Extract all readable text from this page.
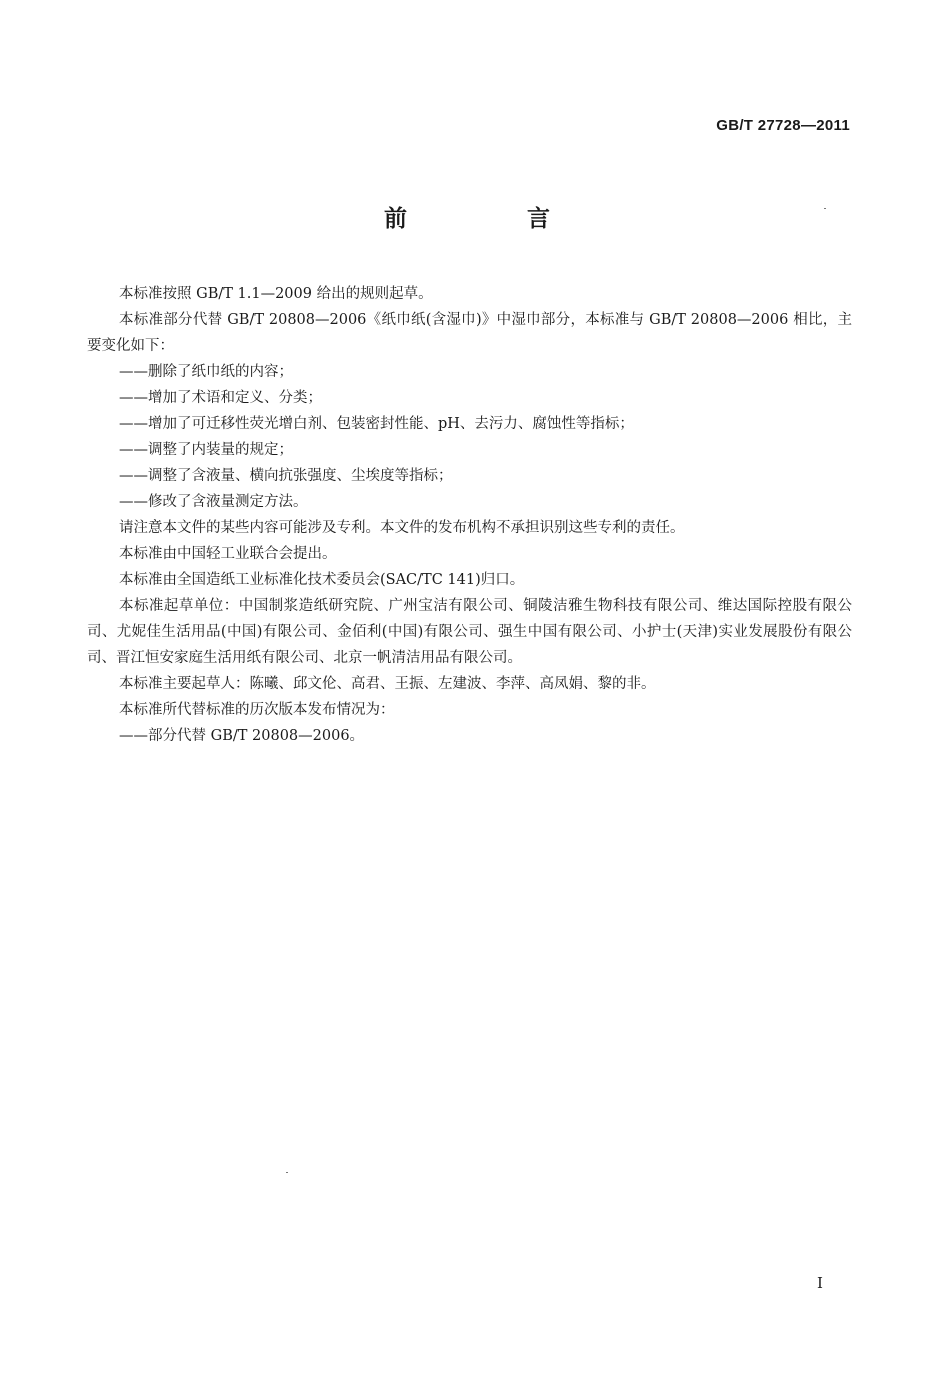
GB/T 27728—2011
前 言

本标准按照 GB/T 1.1—2009 给出的规则起草。

本标准部分代替 GB/T 20808—2006《纸巾纸(含湿巾)》中湿巾部分，本标准与 GB/T 20808—2006 相比，主要变化如下：

——删除了纸巾纸的内容；

——增加了术语和定义、分类；

——增加了可迁移性荧光增白剂、包装密封性能、pH、去污力、腐蚀性等指标；

——调整了内装量的规定；

——调整了含液量、横向抗张强度、尘埃度等指标；

——修改了含液量测定方法。

请注意本文件的某些内容可能涉及专利。本文件的发布机构不承担识别这些专利的责任。

本标准由中国轻工业联合会提出。

本标准由全国造纸工业标准化技术委员会(SAC/TC 141)归口。

本标准起草单位：中国制浆造纸研究院、广州宝洁有限公司、铜陵洁雅生物科技有限公司、维达国际控股有限公司、尤妮佳生活用品(中国)有限公司、金佰利(中国)有限公司、强生中国有限公司、小护士(天津)实业发展股份有限公司、晋江恒安家庭生活用纸有限公司、北京一帆清洁用品有限公司。

本标准主要起草人：陈曦、邱文伦、高君、王振、左建波、李萍、高凤娟、黎的非。

本标准所代替标准的历次版本发布情况为：

——部分代替 GB/T 20808—2006。

I
